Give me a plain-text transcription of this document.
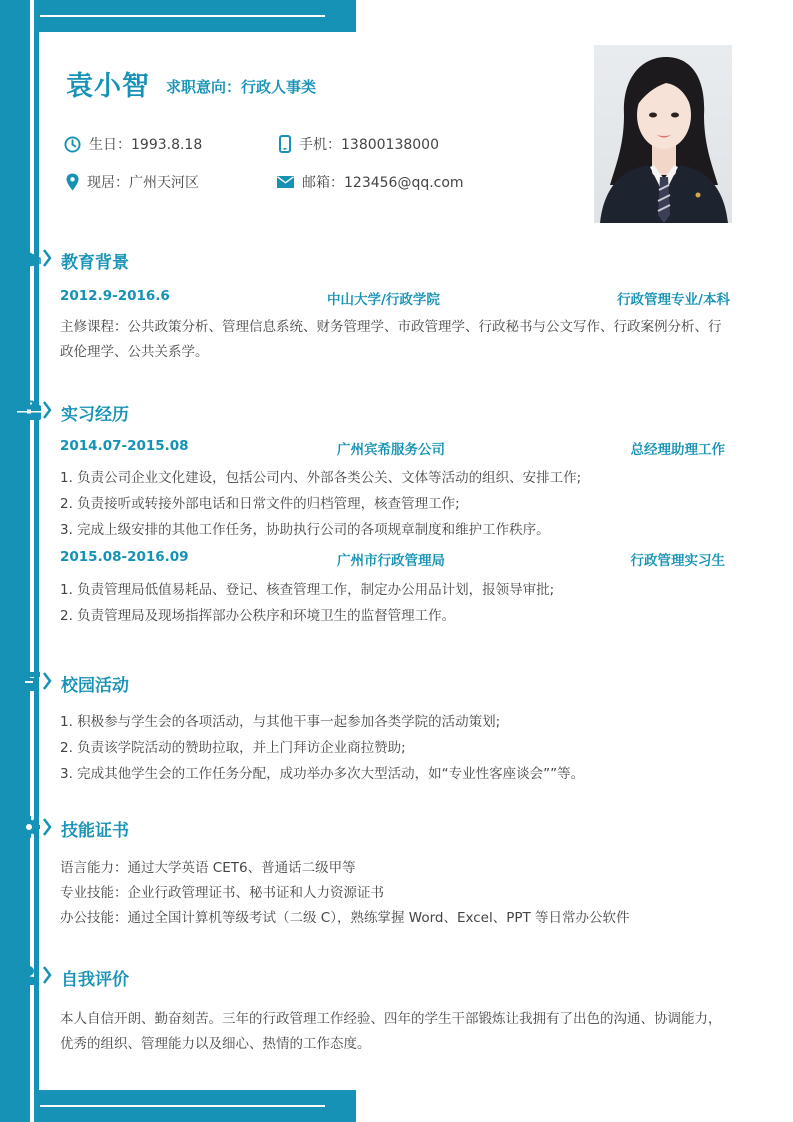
袁小智 求职意向：行政人事类
生日：1993.8.18	手机：13800138000
现居：广州天河区	邮箱：123456@qq.com
教育背景
2012.9-2016.6	中山大学/行政学院	行政管理专业/本科
主修课程：公共政策分析、管理信息系统、财务管理学、市政管理学、行政秘书与公文写作、行政案例分析、行政伦理学、公共关系学。
实习经历
2014.07-2015.08	广州宾希服务公司	总经理助理工作
1. 负责公司企业文化建设，包括公司内、外部各类公关、文体等活动的组织、安排工作;
2. 负责接听或转接外部电话和日常文件的归档管理，核查管理工作;
3. 完成上级安排的其他工作任务，协助执行公司的各项规章制度和维护工作秩序。
2015.08-2016.09	广州市行政管理局	行政管理实习生
1. 负责管理局低值易耗品、登记、核查管理工作，制定办公用品计划，报领导审批;
2. 负责管理局及现场指挥部办公秩序和环境卫生的监督管理工作。
校园活动
1. 积极参与学生会的各项活动，与其他干事一起参加各类学院的活动策划;
2. 负责该学院活动的赞助拉取，并上门拜访企业商拉赞助;
3. 完成其他学生会的工作任务分配，成功举办多次大型活动，如“专业性客座谈会””等。
技能证书
语言能力：通过大学英语 CET6、普通话二级甲等
专业技能：企业行政管理证书、秘书证和人力资源证书
办公技能：通过全国计算机等级考试（二级 C），熟练掌握 Word、Excel、PPT 等日常办公软件
自我评价
本人自信开朗、勤奋刻苦。三年的行政管理工作经验、四年的学生干部锻炼让我拥有了出色的沟通、协调能力，优秀的组织、管理能力以及细心、热情的工作态度。
